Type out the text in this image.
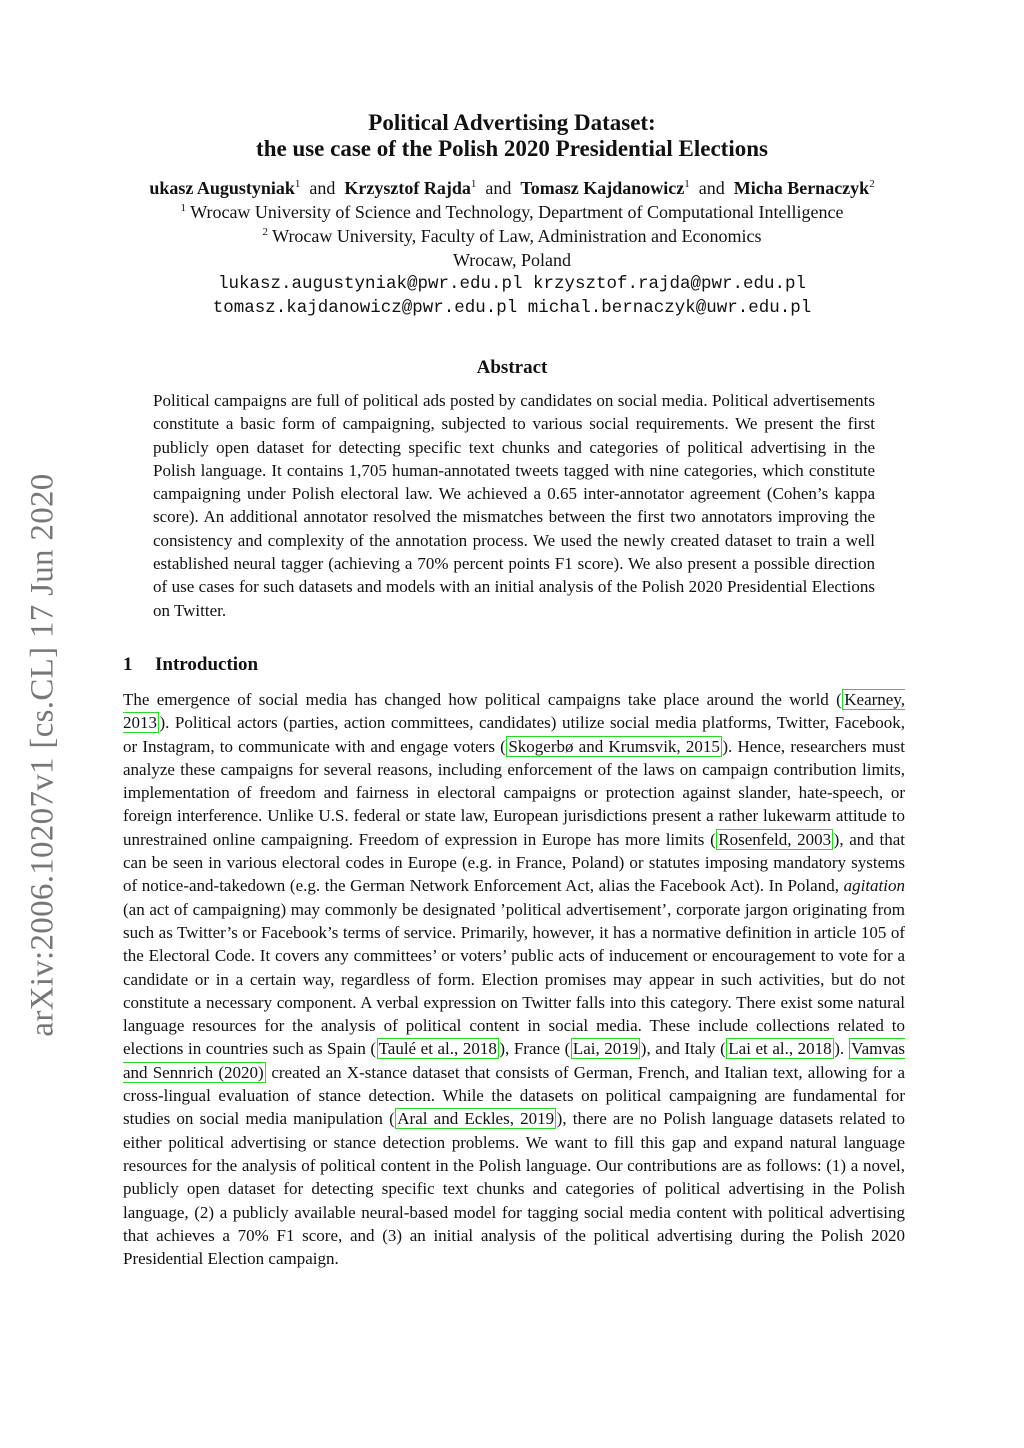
arXiv:2006.10207v1 [cs.CL] 17 Jun 2020
Political Advertising Dataset:
the use case of the Polish 2020 Presidential Elections
ukasz Augustyniak$^1$ and Krzysztof Rajda$^1$ and Tomasz Kajdanowicz$^1$ and Micha Bernaczyk$^2$
$^1$ Wrocaw University of Science and Technology, Department of Computational Intelligence
$^2$ Wrocaw University, Faculty of Law, Administration and Economics
Wrocaw, Poland
lukasz.augustyniak@pwr.edu.pl krzysztof.rajda@pwr.edu.pl
tomasz.kajdanowicz@pwr.edu.pl michal.bernaczyk@uwr.edu.pl
Abstract
Political campaigns are full of political ads posted by candidates on social media. Political advertisements constitute a basic form of campaigning, subjected to various social requirements. We present the first publicly open dataset for detecting specific text chunks and categories of political advertising in the Polish language. It contains 1,705 human-annotated tweets tagged with nine categories, which constitute campaigning under Polish electoral law. We achieved a 0.65 inter-annotator agreement (Cohen’s kappa score). An additional annotator resolved the mismatches between the first two annotators improving the consistency and complexity of the annotation process. We used the newly created dataset to train a well established neural tagger (achieving a 70% percent points F1 score). We also present a possible direction of use cases for such datasets and models with an initial analysis of the Polish 2020 Presidential Elections on Twitter.
1 Introduction
The emergence of social media has changed how political campaigns take place around the world ( Kearney, 2013 ). Political actors (parties, action committees, candidates) utilize social media platforms, Twitter, Facebook, or Instagram, to communicate with and engage voters ( Skogerbø and Krumsvik, 2015 ). Hence, researchers must analyze these campaigns for several reasons, including enforcement of the laws on campaign contribution limits, implementation of freedom and fairness in electoral campaigns or protection against slander, hate-speech, or foreign interference. Unlike U.S. federal or state law, European jurisdictions present a rather lukewarm attitude to unrestrained online campaigning. Freedom of expression in Europe has more limits ( Rosenfeld, 2003 ), and that can be seen in various electoral codes in Europe (e.g. in France, Poland) or statutes imposing mandatory systems of notice-and-takedown (e.g. the German Network Enforcement Act, alias the Facebook Act). In Poland, agitation (an act of campaigning) may commonly be designated ’political advertisement’, corporate jargon originating from such as Twitter’s or Facebook’s terms of service. Primarily, however, it has a normative definition in article 105 of the Electoral Code. It covers any committees’ or voters’ public acts of inducement or encouragement to vote for a candidate or in a certain way, regardless of form. Election promises may appear in such activities, but do not constitute a necessary component. A verbal expression on Twitter falls into this category. There exist some natural language resources for the analysis of political content in social media. These include collections related to elections in countries such as Spain ( Taulé et al., 2018 ), France ( Lai, 2019 ), and Italy ( Lai et al., 2018 ). Vamvas and Sennrich (2020) created an X-stance dataset that consists of German, French, and Italian text, allowing for a cross-lingual evaluation of stance detection. While the datasets on political campaigning are fundamental for studies on social media manipulation ( Aral and Eckles, 2019 ), there are no Polish language datasets related to either political advertising or stance detection problems. We want to fill this gap and expand natural language resources for the analysis of political content in the Polish language. Our contributions are as follows: (1) a novel, publicly open dataset for detecting specific text chunks and categories of political advertising in the Polish language, (2) a publicly available neural-based model for tagging social media content with political advertising that achieves a 70% F1 score, and (3) an initial analysis of the political advertising during the Polish 2020 Presidential Election campaign.
